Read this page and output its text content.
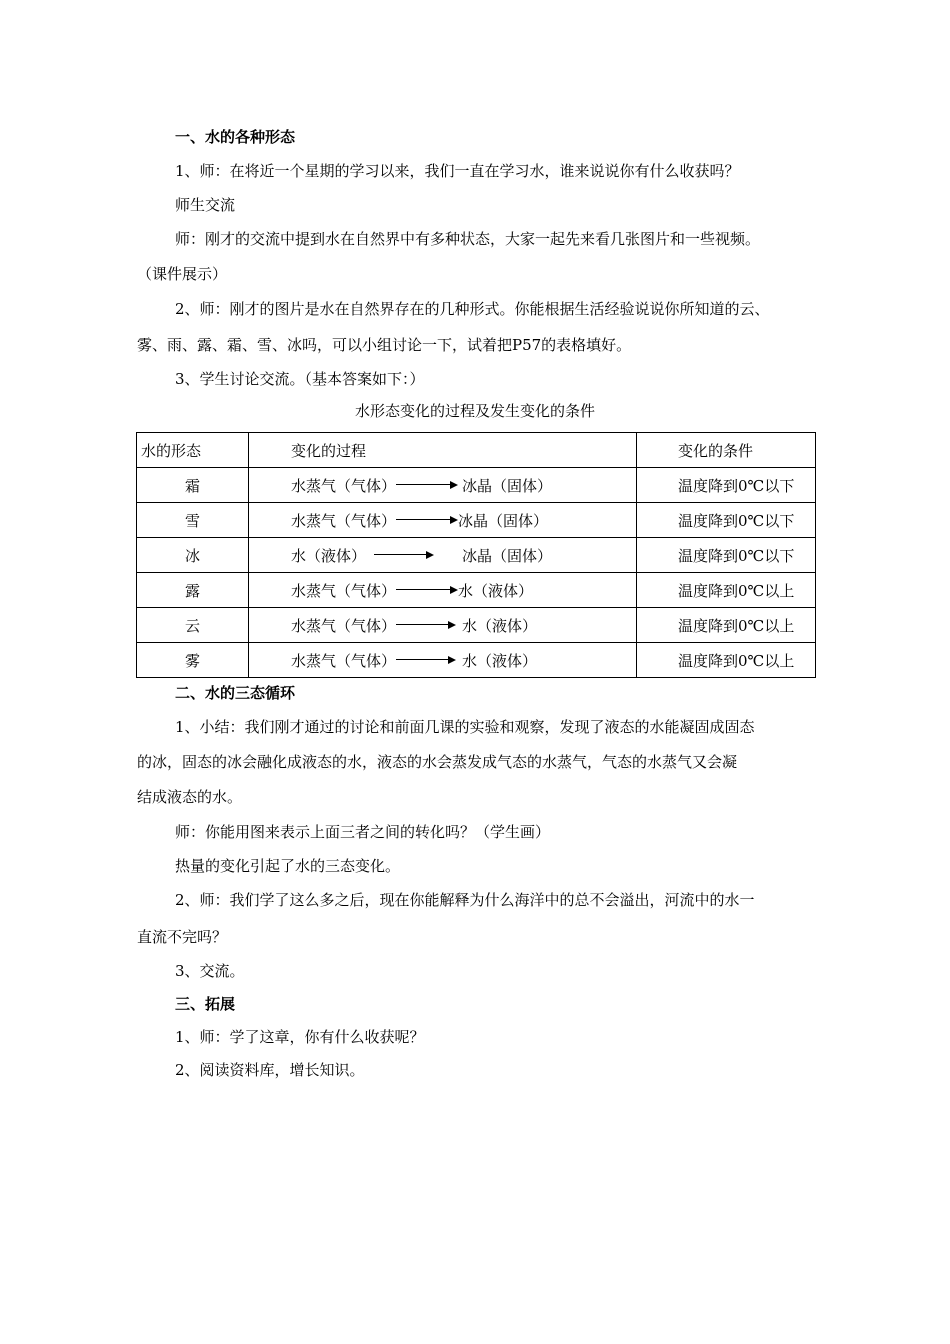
一、水的各种形态
1、师：在将近一个星期的学习以来，我们一直在学习水，谁来说说你有什么收获吗？
师生交流
师：刚才的交流中提到水在自然界中有多种状态，大家一起先来看几张图片和一些视频。
（课件展示）
2、师：刚才的图片是水在自然界存在的几种形式。你能根据生活经验说说你所知道的云、
雾、雨、露、霜、雪、冰吗，可以小组讨论一下，试着把P57的表格填好。
3、学生讨论交流。（基本答案如下：）
水形态变化的过程及发生变化的条件
水的形态	变化的过程	变化的条件
霜	水蒸气（气体） 冰晶（固体）	温度降到0℃以下
雪	水蒸气（气体） 冰晶（固体）	温度降到0℃以下
冰	水（液体） 冰晶（固体）	温度降到0℃以下
露	水蒸气（气体） 水（液体）	温度降到0℃以上
云	水蒸气（气体） 水（液体）	温度降到0℃以上
雾	水蒸气（气体） 水（液体）	温度降到0℃以上
二、水的三态循环
1、小结：我们刚才通过的讨论和前面几课的实验和观察，发现了液态的水能凝固成固态
的冰，固态的冰会融化成液态的水，液态的水会蒸发成气态的水蒸气，气态的水蒸气又会凝
结成液态的水。
师：你能用图来表示上面三者之间的转化吗？（学生画）
热量的变化引起了水的三态变化。
2、师：我们学了这么多之后，现在你能解释为什么海洋中的总不会溢出，河流中的水一
直流不完吗？
3、交流。
三、拓展
1、师：学了这章，你有什么收获呢？
2、阅读资料库，增长知识。
